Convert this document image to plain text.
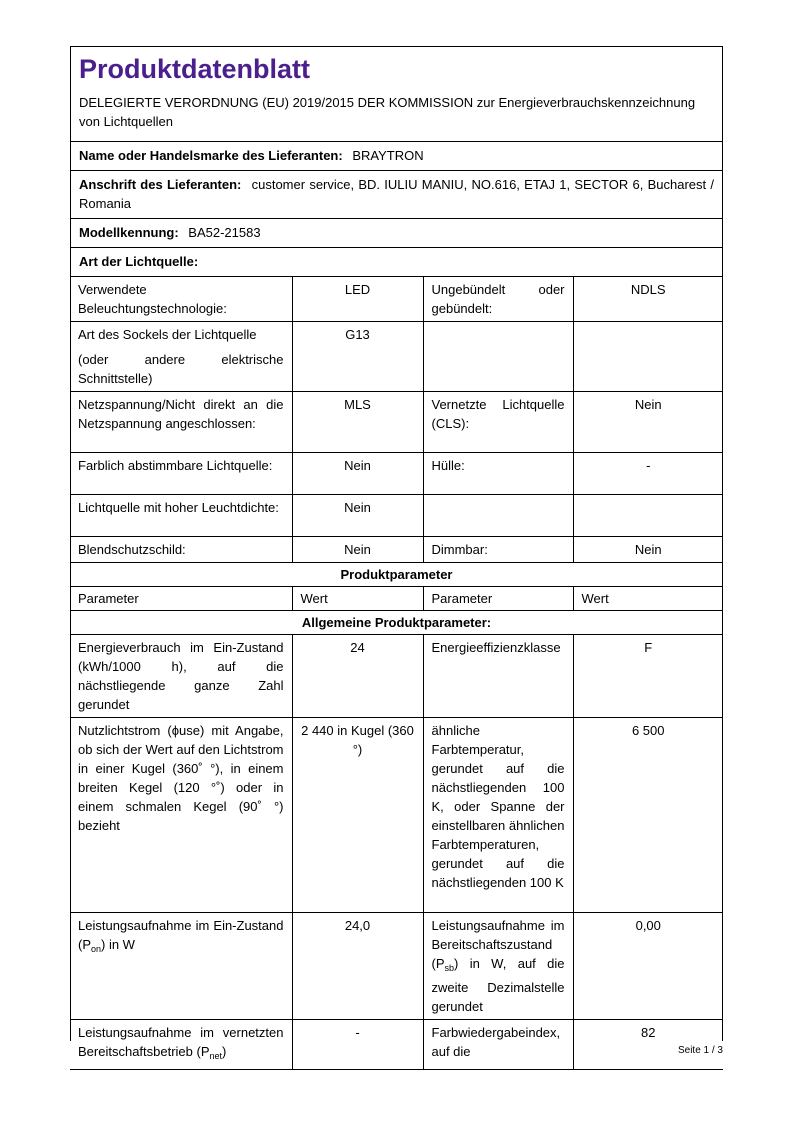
Produktdatenblatt
DELEGIERTE VERORDNUNG (EU) 2019/2015 DER KOMMISSION zur Energieverbrauchskennzeichnung von Lichtquellen
Name oder Handelsmarke des Lieferanten: BRAYTRON
Anschrift des Lieferanten: customer service, BD. IULIU MANIU, NO.616, ETAJ 1, SECTOR 6, Bucharest / Romania
Modellkennung: BA52-21583
Art der Lichtquelle:
Verwendete Beleuchtungstechnologie:	LED	Ungebündelt oder gebündelt:	NDLS

Art des Sockels der Lichtquelle
(oder andere elektrische Schnittstelle)	G13		
Netzspannung/Nicht direkt an die Netzspannung angeschlossen:	MLS	Vernetzte Lichtquelle (CLS):	Nein
Farblich abstimmbare Lichtquelle:	Nein	Hülle:	-
Lichtquelle mit hoher Leuchtdichte:	Nein		
Blendschutzschild:	Nein	Dimmbar:	Nein
Produktparameter			
Parameter	Wert	Parameter	Wert
Allgemeine Produktparameter:			
Energieverbrauch im Ein-Zustand (kWh/1000 h), auf die nächstliegende ganze Zahl gerundet	24	Energieeffizienzklasse	F
Nutzlichtstrom (ϕuse) mit Angabe, ob sich der Wert auf den Lichtstrom in einer Kugel (360˚ °), in einem breiten Kegel (120 °˚) oder in einem schmalen Kegel (90˚ °) bezieht	2 440 in Kugel (360 °)	ähnliche Farbtemperatur, gerundet auf die nächstliegenden 100 K, oder Spanne der einstellbaren ähnlichen Farbtemperaturen, gerundet auf die nächstliegenden 100 K	6 500
Leistungsaufnahme im Ein-Zustand $(P_{on})$ in W	24,0	Leistungsaufnahme im Bereitschaftszustand $(P_{sb})$ in W, auf die zweite Dezimalstelle gerundet	0,00
Leistungsaufnahme im vernetzten Bereitschaftsbetrieb $(P_{net})$	-	Farbwiedergabeindex, auf die	82
Seite 1 / 3
